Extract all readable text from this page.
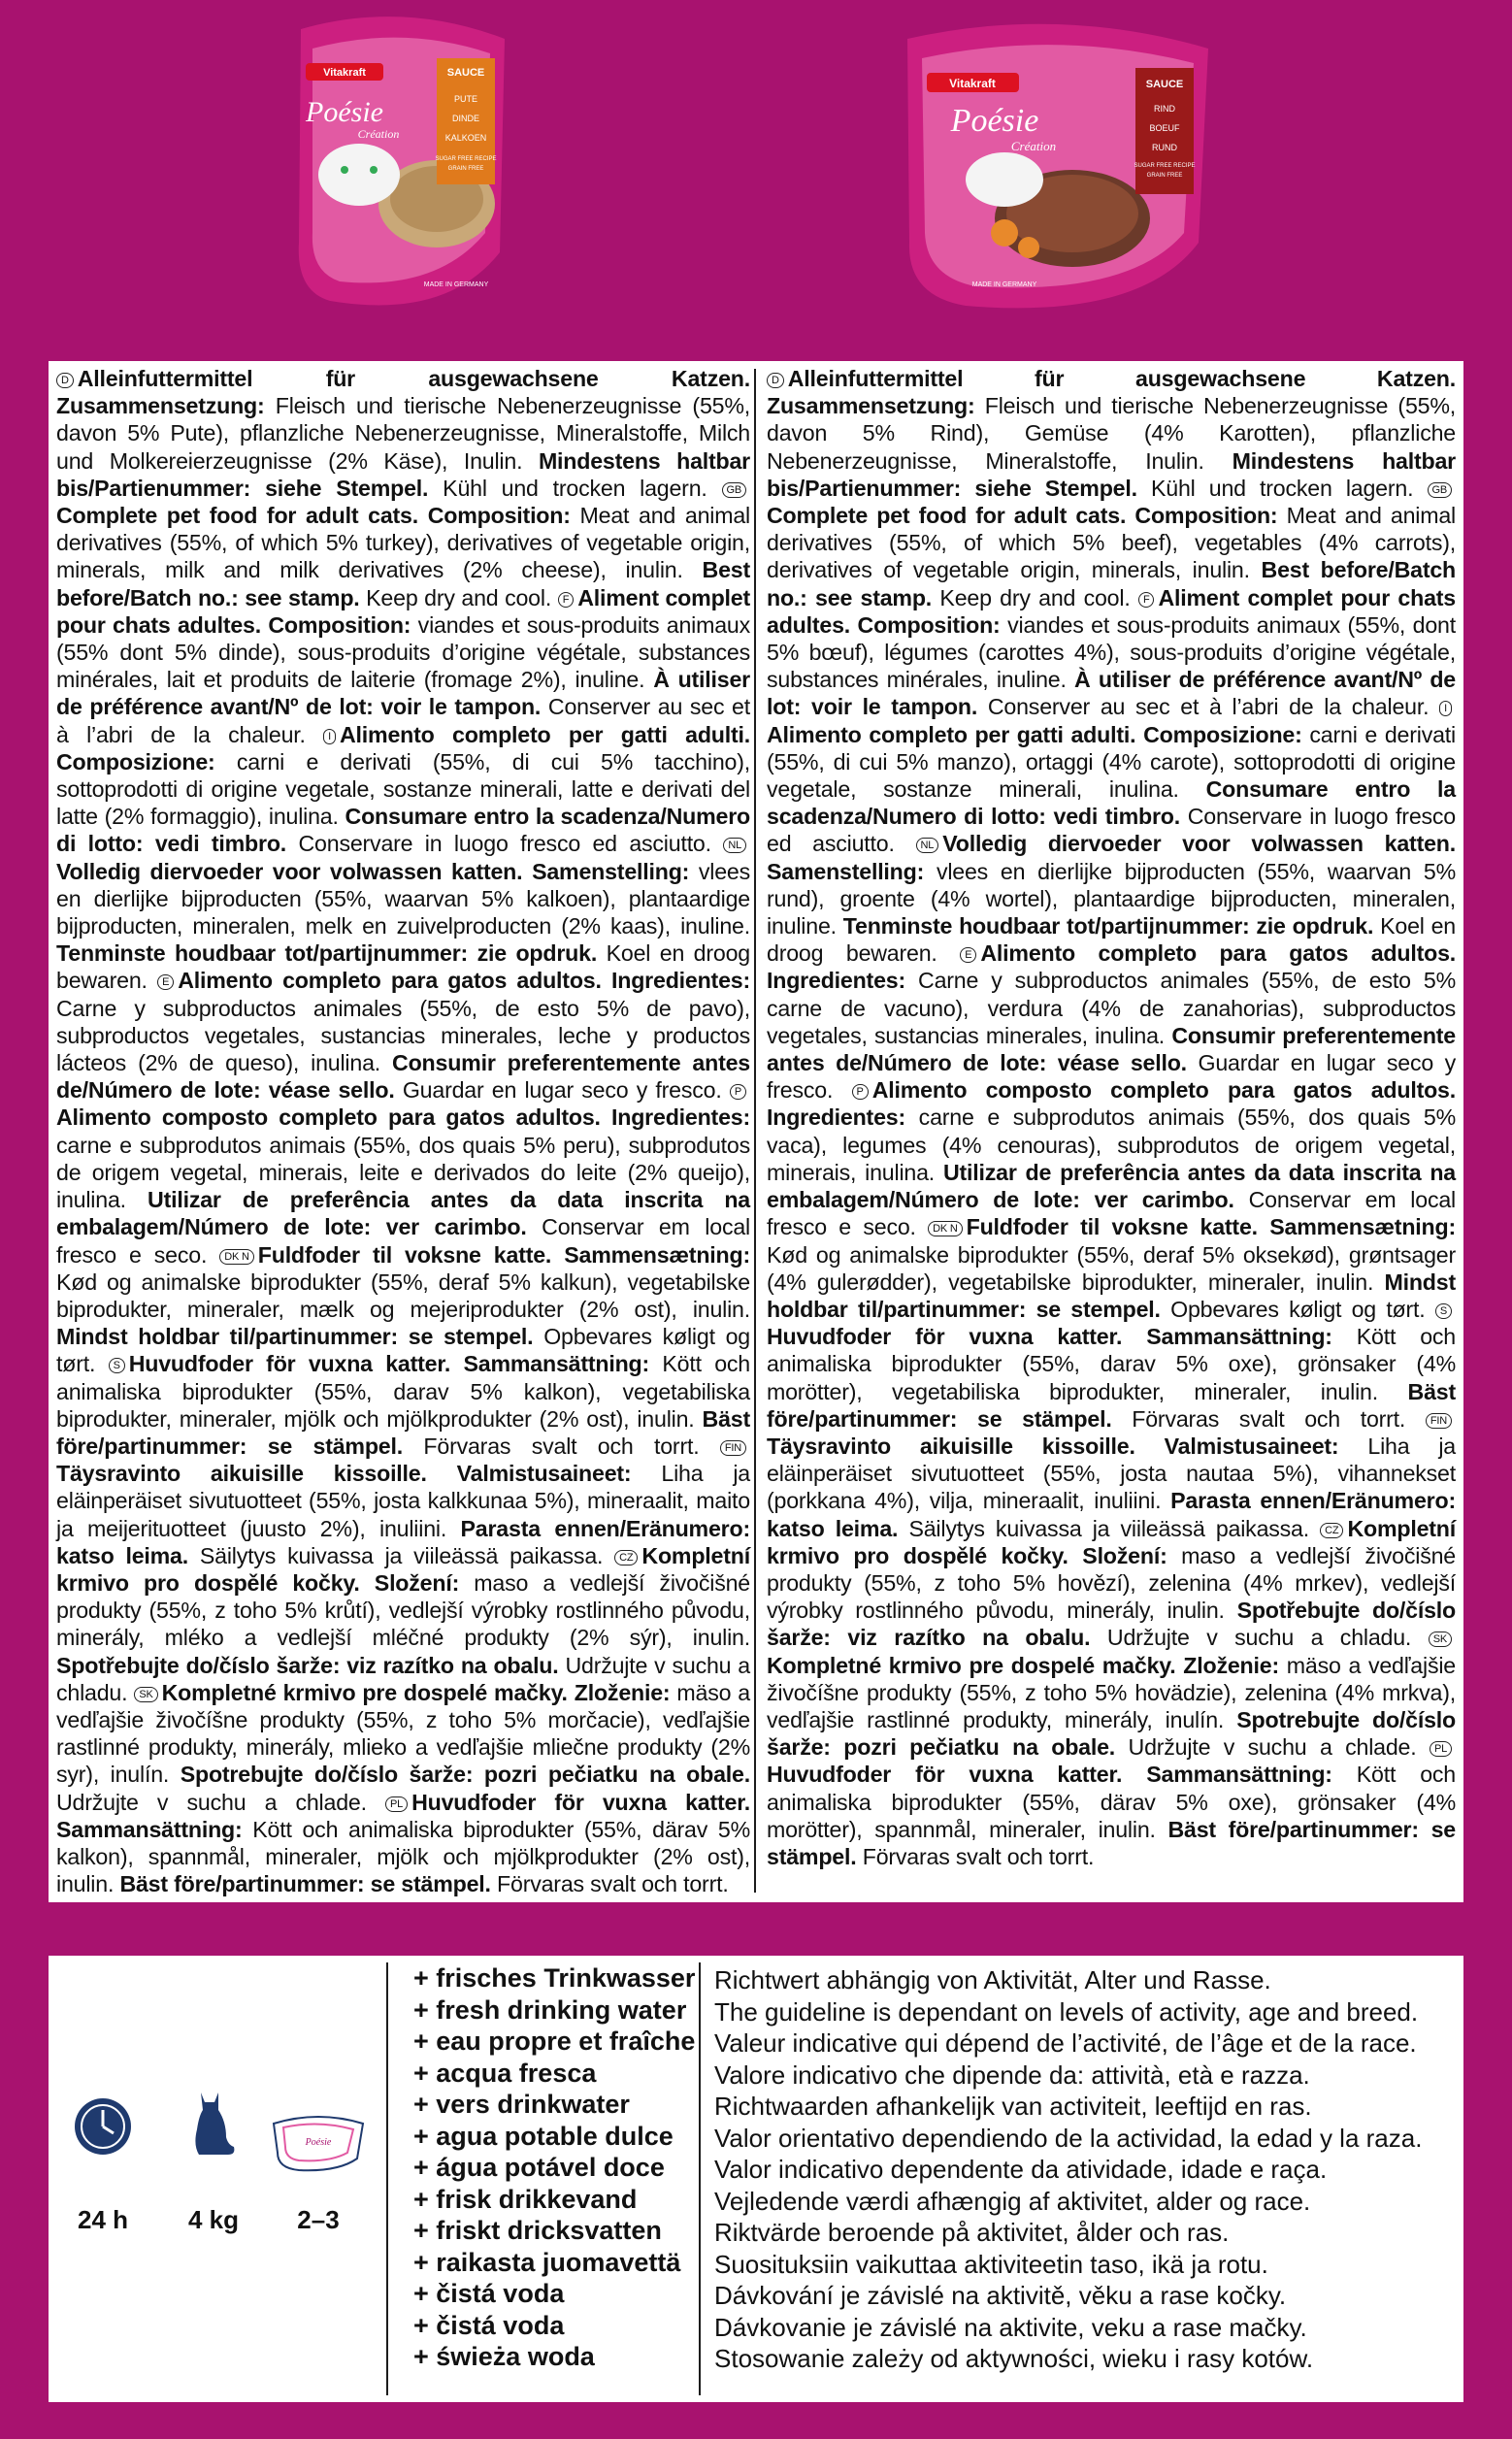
Vitakraft
Poésie
Création
SAUCE
PUTE
DINDE
KALKOEN
SUGAR FREE RECIPE
GRAIN FREE
MADE IN GERMANY
Vitakraft
Poésie
Création
SAUCE
RIND
BOEUF
RUND
SUGAR FREE RECIPE
GRAIN FREE
MADE IN GERMANY
D Alleinfuttermittel für ausgewachsene Katzen. Zusammensetzung: Fleisch und tierische Nebenerzeugnisse (55%, davon 5% Pute), pflanzliche Nebenerzeugnisse, Mineralstoffe, Milch und Molkereierzeugnisse (2% Käse), Inulin. Mindestens haltbar bis/Partienummer: siehe Stempel. Kühl und trocken lagern. GBComplete pet food for adult cats. Composition: Meat and animal derivatives (55%, of which 5% turkey), derivatives of vegetable origin, minerals, milk and milk derivatives (2% cheese), inulin. Best before/Batch no.: see stamp. Keep dry and cool. F Aliment complet pour chats adultes. Composition: viandes et sous-produits animaux (55% dont 5% dinde), sous-produits d’origine végétale, substances minérales, lait et produits de laiterie (fromage 2%), inuline. À utiliser de préférence avant/Nº de lot: voir le tampon. Conserver au sec et à l’abri de la chaleur. I Alimento completo per gatti adulti. Composizione: carni e derivati (55%, di cui 5% tacchino), sottoprodotti di origine vegetale, sostanze minerali, latte e derivati del latte (2% formaggio), inulina. Consumare entro la scadenza/Numero di lotto: vedi timbro. Conservare in luogo fresco ed asciutto. NLVolledig diervoeder voor volwassen katten. Samenstelling: vlees en dierlijke bijproducten (55%, waarvan 5% kalkoen), plantaardige bijproducten, mineralen, melk en zuivelproducten (2% kaas), inuline. Tenminste houdbaar tot/partijnummer: zie opdruk. Koel en droog bewaren. E Alimento completo para gatos adultos. Ingredientes: Carne y subproductos animales (55%, de esto 5% de pavo), subproductos vegetales, sustancias minerales, leche y productos lácteos (2% de queso), inulina. Consumir preferentemente antes de/Número de lote: véase sello. Guardar en lugar seco y fresco. PAlimento composto completo para gatos adultos. Ingredientes: carne e subprodutos animais (55%, dos quais 5% peru), subprodutos de origem vegetal, minerais, leite e derivados do leite (2% queijo), inulina. Utilizar de preferência antes da data inscrita na embalagem/Número de lote: ver carimbo. Conservar em local fresco e seco. DK N Fuldfoder til voksne katte. Sammensætning: Kød og animalske biprodukter (55%, deraf 5% kalkun), vegetabilske biprodukter, mineraler, mælk og mejeriprodukter (2% ost), inulin. Mindst holdbar til/partinummer: se stempel. Opbevares køligt og tørt. S Huvudfoder för vuxna katter. Sammansättning: Kött och animaliska biprodukter (55%, darav 5% kalkon), vegetabiliska biprodukter, mineraler, mjölk och mjölkprodukter (2% ost), inulin. Bäst före/partinummer: se stämpel. Förvaras svalt och torrt. FINTäysravinto aikuisille kissoille. Valmistusaineet: Liha ja eläinperäiset sivutuotteet (55%, josta kalkkunaa 5%), mineraalit, maito ja meijerituotteet (juusto 2%), inuliini. Parasta ennen/Eränumero: katso leima. Säilytys kuivassa ja viileässä paikassa. CZ Kompletní krmivo pro dospělé kočky. Složení: maso a vedlejší živočišné produkty (55%, z toho 5% krůtí), vedlejší výrobky rostlinného původu, minerály, mléko a vedlejší mléčné produkty (2% sýr), inulin. Spotřebujte do/číslo šarže: viz razítko na obalu. Udržujte v suchu a chladu. SK Kompletné krmivo pre dospelé mačky. Zloženie: mäso a vedľajšie živočíšne produkty (55%, z toho 5% morčacie), vedľajšie rastlinné produkty, minerály, mlieko a vedľajšie mliečne produkty (2% syr), inulín. Spotrebujte do/číslo šarže: pozri pečiatku na obale. Udržujte v suchu a chlade. PL Huvudfoder för vuxna katter. Sammansättning: Kött och animaliska biprodukter (55%, därav 5% kalkon), spannmål, mineraler, mjölk och mjölkprodukter (2% ost), inulin. Bäst före/partinummer: se stämpel. Förvaras svalt och torrt.
D Alleinfuttermittel für ausgewachsene Katzen. Zusammensetzung: Fleisch und tierische Nebenerzeugnisse (55%, davon 5% Rind), Gemüse (4% Karotten), pflanzliche Nebenerzeugnisse, Mineralstoffe, Inulin. Mindestens haltbar bis/Partienummer: siehe Stempel. Kühl und trocken lagern. GBComplete pet food for adult cats. Composition: Meat and animal derivatives (55%, of which 5% beef), vegetables (4% carrots), derivatives of vegetable origin, minerals, inulin. Best before/Batch no.: see stamp. Keep dry and cool. F Aliment complet pour chats adultes. Composition: viandes et sous-produits animaux (55%, dont 5% bœuf), légumes (carottes 4%), sous-produits d’origine végétale, substances minérales, inuline. À utiliser de préférence avant/Nº de lot: voir le tampon. Conserver au sec et à l’abri de la chaleur. IAlimento completo per gatti adulti. Composizione: carni e derivati (55%, di cui 5% manzo), ortaggi (4% carote), sottoprodotti di origine vegetale, sostanze minerali, inulina. Consumare entro la scadenza/Numero di lotto: vedi timbro. Conservare in luogo fresco ed asciutto. NL Volledig diervoeder voor volwassen katten. Samenstelling: vlees en dierlijke bijproducten (55%, waarvan 5% rund), groente (4% wortel), plantaardige bijproducten, mineralen, inuline. Tenminste houdbaar tot/partijnummer: zie opdruk. Koel en droog bewaren. E Alimento completo para gatos adultos. Ingredientes: Carne y subproductos animales (55%, de esto 5% carne de vacuno), verdura (4% de zanahorias), subproductos vegetales, sustancias minerales, inulina. Consumir preferentemente antes de/Número de lote: véase sello. Guardar en lugar seco y fresco. P Alimento composto completo para gatos adultos. Ingredientes: carne e subprodutos animais (55%, dos quais 5% vaca), legumes (4% cenouras), subprodutos de origem vegetal, minerais, inulina. Utilizar de preferência antes da data inscrita na embalagem/Número de lote: ver carimbo. Conservar em local fresco e seco. DK N Fuldfoder til voksne katte. Sammensætning: Kød og animalske biprodukter (55%, deraf 5% oksekød), grøntsager (4% gulerødder), vegetabilske biprodukter, mineraler, inulin. Mindst holdbar til/partinummer: se stempel. Opbevares køligt og tørt. SHuvudfoder för vuxna katter. Sammansättning: Kött och animaliska biprodukter (55%, darav 5% oxe), grönsaker (4% morötter), vegetabiliska biprodukter, mineraler, inulin. Bäst före/partinummer: se stämpel. Förvaras svalt och torrt. FINTäysravinto aikuisille kissoille. Valmistusaineet: Liha ja eläinperäiset sivutuotteet (55%, josta nautaa 5%), vihannekset (porkkana 4%), vilja, mineraalit, inuliini. Parasta ennen/Eränumero: katso leima. Säilytys kuivassa ja viileässä paikassa. CZ Kompletní krmivo pro dospělé kočky. Složení: maso a vedlejší živočišné produkty (55%, z toho 5% hovězí), zelenina (4% mrkev), vedlejší výrobky rostlinného původu, minerály, inulin. Spotřebujte do/číslo šarže: viz razítko na obalu. Udržujte v suchu a chladu. SKKompletné krmivo pre dospelé mačky. Zloženie: mäso a vedľajšie živočíšne produkty (55%, z toho 5% hovädzie), zelenina (4% mrkva), vedľajšie rastlinné produkty, minerály, inulín. Spotrebujte do/číslo šarže: pozri pečiatku na obale. Udržujte v suchu a chlade. PLHuvudfoder för vuxna katter. Sammansättning: Kött och animaliska biprodukter (55%, därav 5% oxe), grönsaker (4% morötter), spannmål, mineraler, inulin. Bäst före/partinummer: se stämpel. Förvaras svalt och torrt.
24 h	4 kg
Poésie
2–3
+ frisches Trinkwasser
+ fresh drinking water
+ eau propre et fraîche
+ acqua fresca
+ vers drinkwater
+ agua potable dulce
+ água potável doce
+ frisk drikkevand
+ friskt dricksvatten
+ raikasta juomavettä
+ čistá voda
+ čistá voda
+ świeża woda
Richtwert abhängig von Aktivität, Alter und Rasse.
The guideline is dependant on levels of activity, age and breed.
Valeur indicative qui dépend de l’activité, de l’âge et de la race.
Valore indicativo che dipende da: attività, età e razza.
Richtwaarden afhankelijk van activiteit, leeftijd en ras.
Valor orientativo dependiendo de la actividad, la edad y la raza.
Valor indicativo dependente da atividade, idade e raça.
Vejledende værdi afhængig af aktivitet, alder og race.
Riktvärde beroende på aktivitet, ålder och ras.
Suosituksiin vaikuttaa aktiviteetin taso, ikä ja rotu.
Dávkování je závislé na aktivitě, věku a rase kočky.
Dávkovanie je závislé na aktivite, veku a rase mačky.
Stosowanie zależy od aktywności, wieku i rasy kotów.
